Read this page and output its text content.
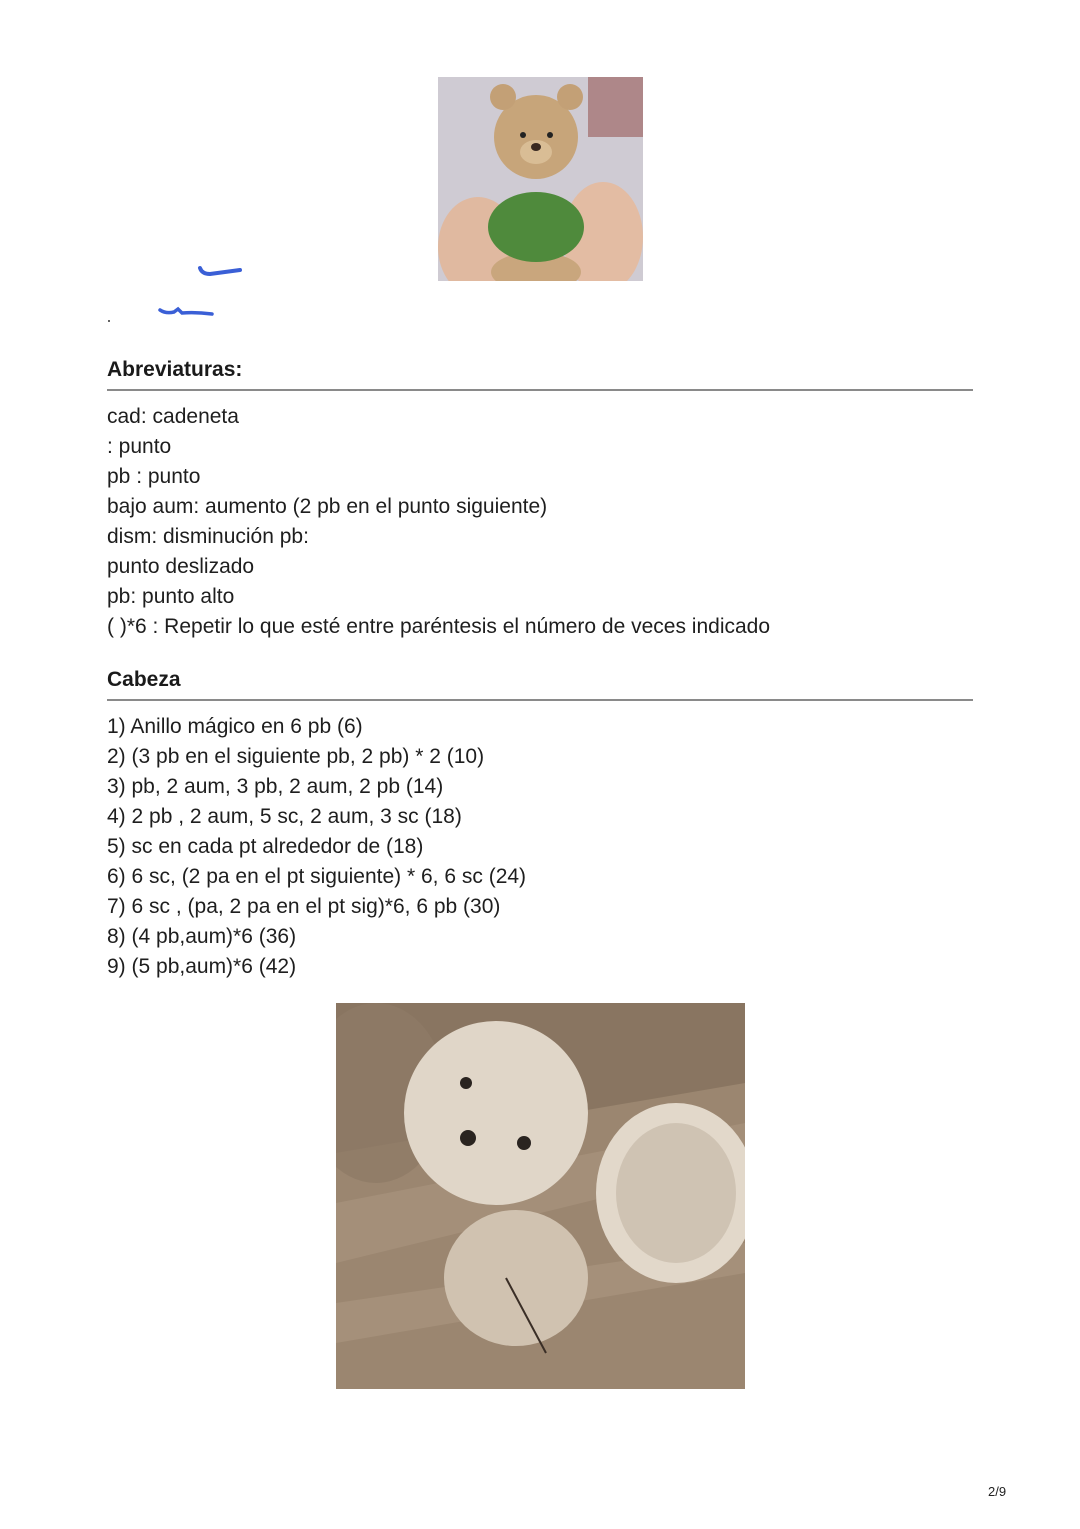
Abreviaturas:
cad: cadeneta
: punto
pb : punto
bajo aum: aumento (2 pb en el punto siguiente)
dism: disminución pb:
punto deslizado
pb: punto alto
( )*6 : Repetir lo que esté entre paréntesis el número de veces indicado
Cabeza
1) Anillo mágico en 6 pb (6)
2) (3 pb en el siguiente pb, 2 pb) * 2 (10)
3) pb, 2 aum, 3 pb, 2 aum, 2 pb (14)
4) 2 pb , 2 aum, 5 sc, 2 aum, 3 sc (18)
5) sc en cada pt alrededor de (18)
6) 6 sc, (2 pa en el pt siguiente) * 6, 6 sc (24)
7) 6 sc , (pa, 2 pa en el pt sig)*6, 6 pb (30)
8) (4 pb,aum)*6 (36)
9) (5 pb,aum)*6 (42)
2/9
